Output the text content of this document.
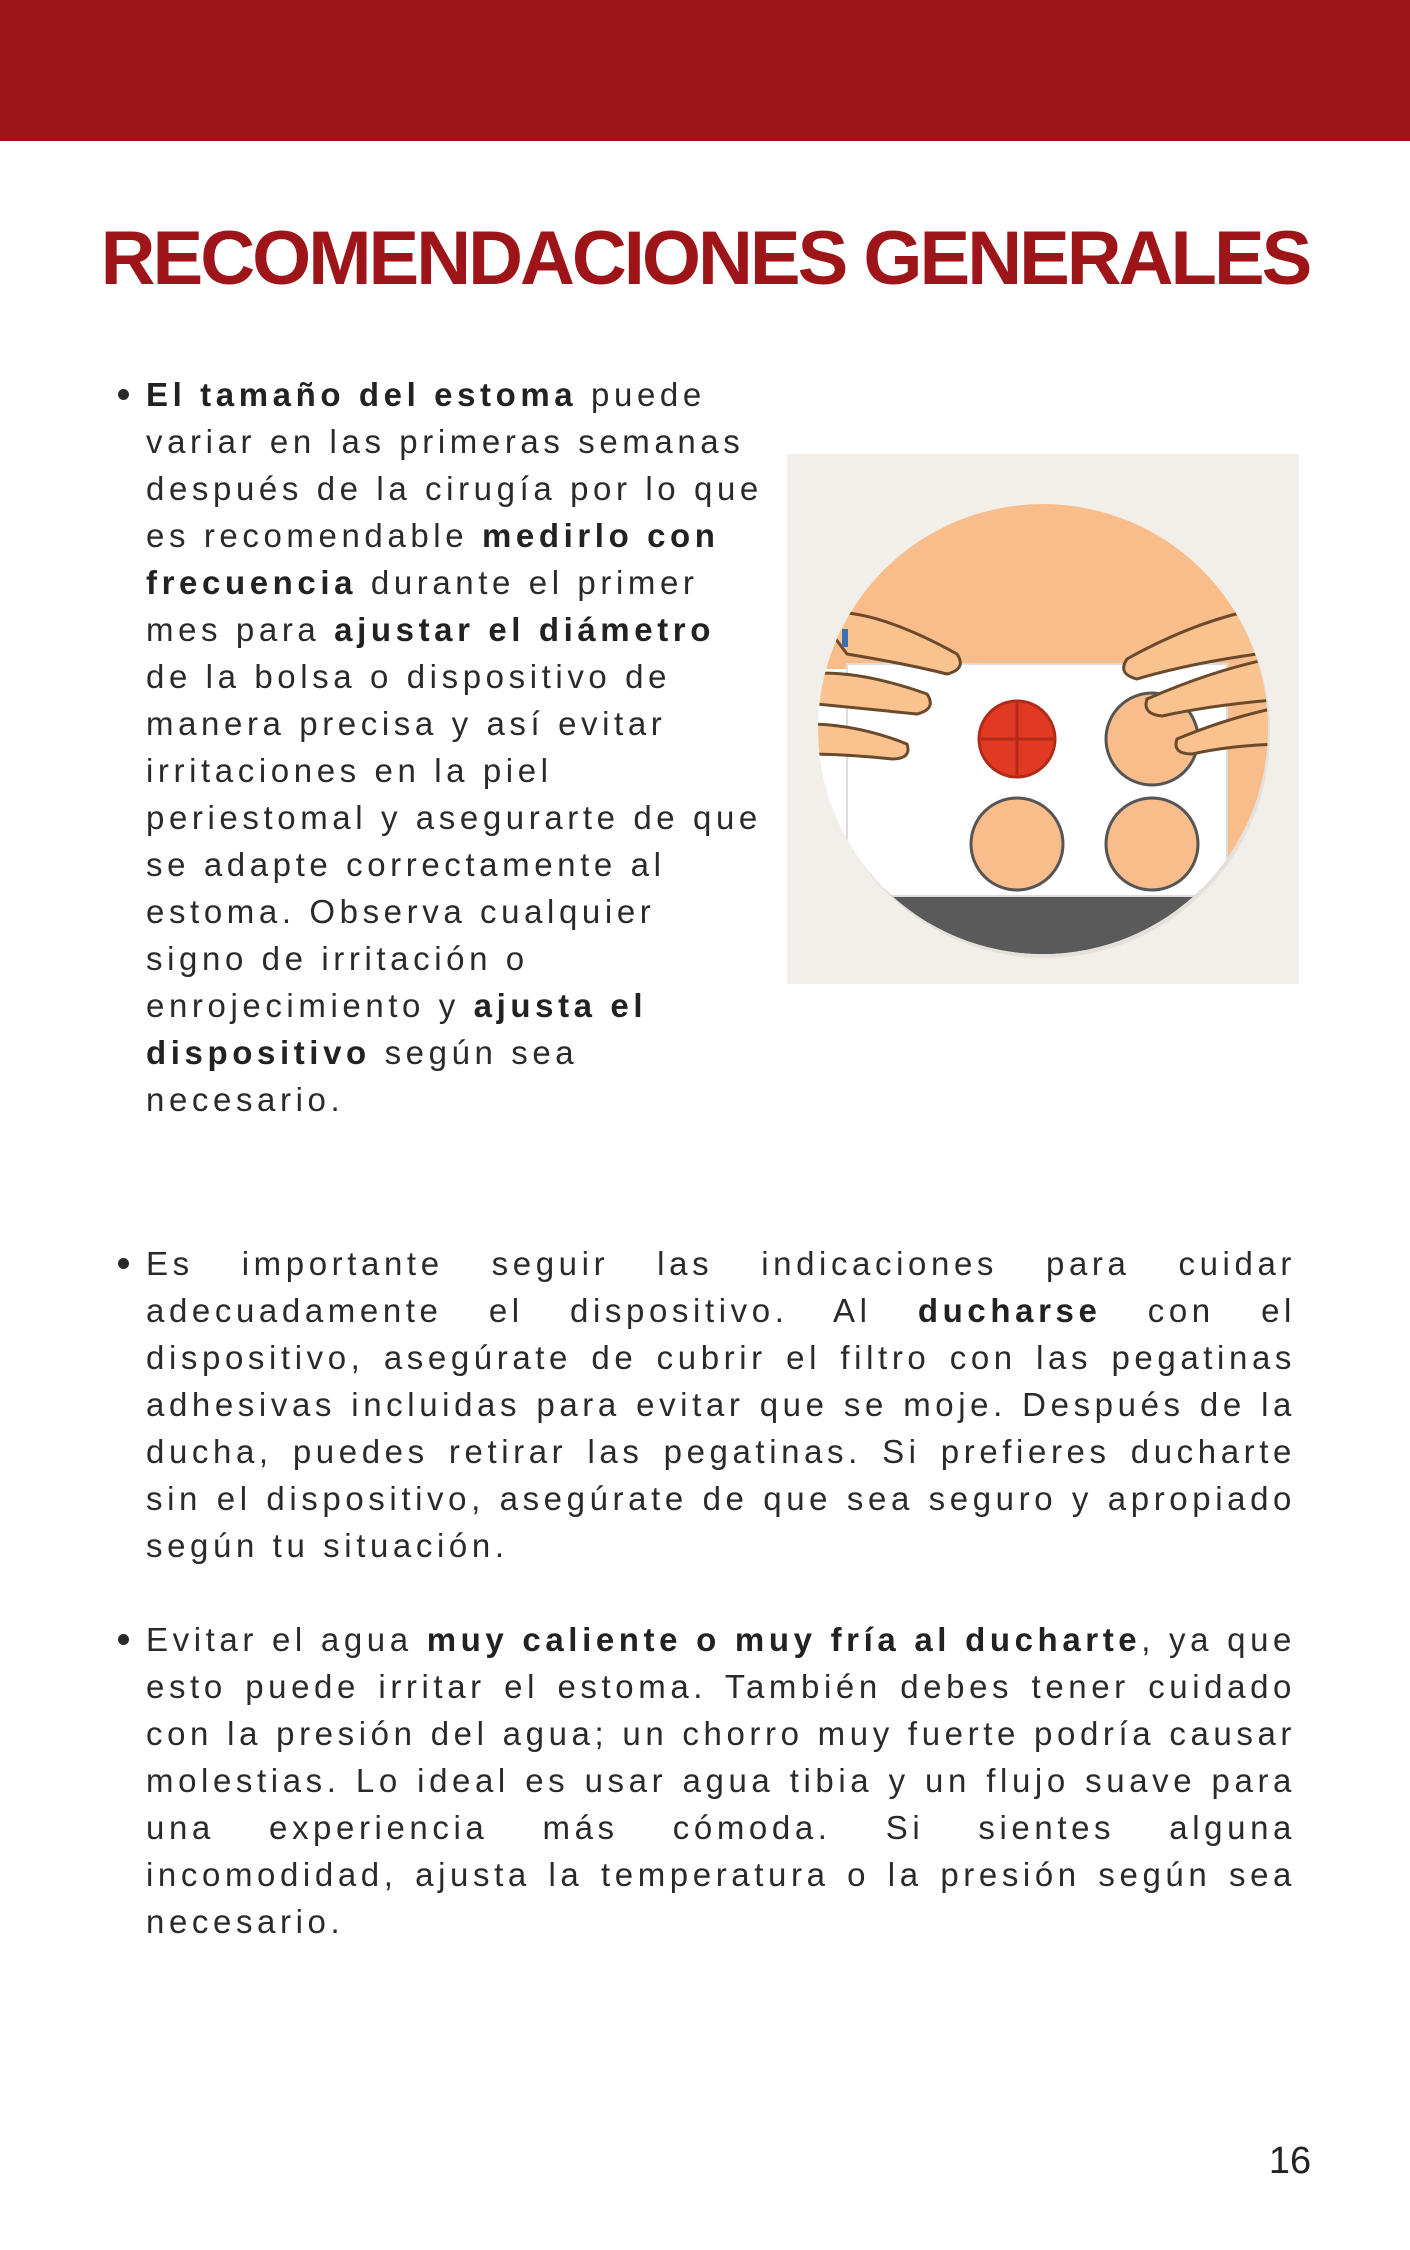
RECOMENDACIONES GENERALES
El tamaño del estoma puede variar en las primeras semanas después de la cirugía por lo que es recomendable medirlo con frecuencia durante el primer mes para ajustar el diámetro de la bolsa o dispositivo de manera precisa y así evitar irritaciones en la piel periestomal y asegurarte de que se adapte correctamente al estoma. Observa cualquier signo de irritación o enrojecimiento y ajusta el dispositivo según sea necesario.
Es importante seguir las indicaciones para cuidar adecuadamente el dispositivo. Al ducharse con el dispositivo, asegúrate de cubrir el filtro con las pegatinas adhesivas incluidas para evitar que se moje. Después de la ducha, puedes retirar las pegatinas. Si prefieres ducharte sin el dispositivo, asegúrate de que sea seguro y apropiado según tu situación.
Evitar el agua muy caliente o muy fría al ducharte, ya que esto puede irritar el estoma. También debes tener cuidado con la presión del agua; un chorro muy fuerte podría causar molestias. Lo ideal es usar agua tibia y un flujo suave para una experiencia más cómoda. Si sientes alguna incomodidad, ajusta la temperatura o la presión según sea necesario.
16
